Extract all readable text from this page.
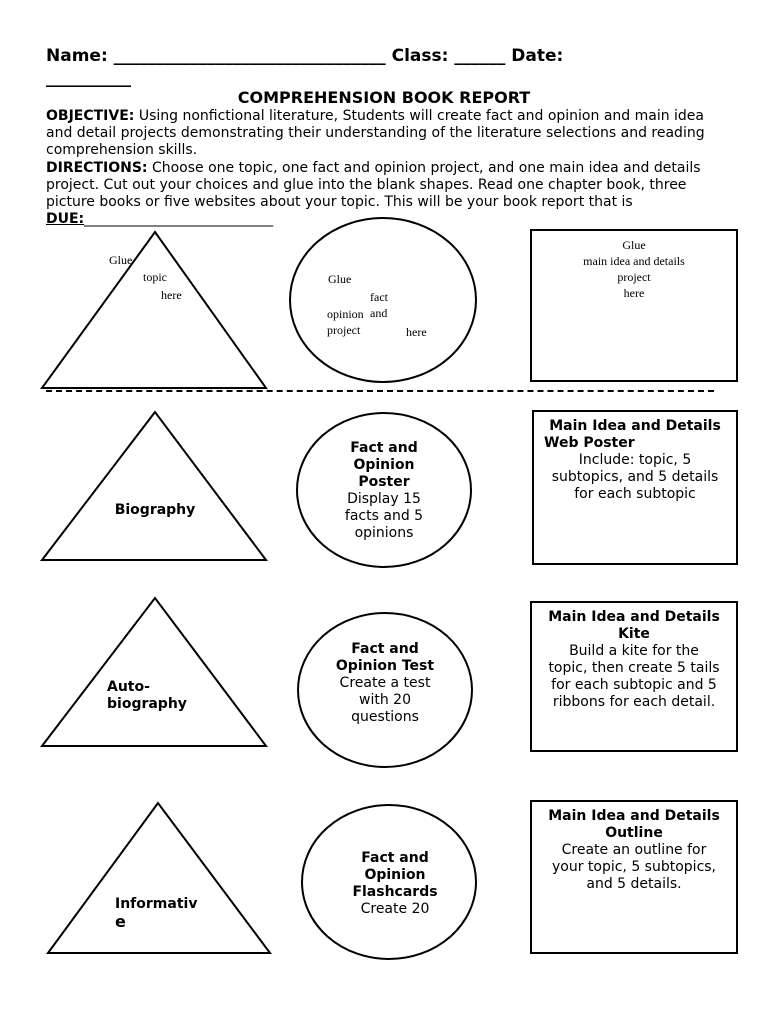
Name: ________________________________ Class: ______ Date:
__________
COMPREHENSION BOOK REPORT
OBJECTIVE: Using nonfictional literature, Students will create fact and opinion and main idea and detail projects demonstrating their understanding of the literature selections and reading comprehension skills.
DIRECTIONS: Choose one topic, one fact and opinion project, and one main idea and details project. Cut out your choices and glue into the blank shapes. Read one chapter book, three picture books or five websites about your topic. This will be your book report that is DUE:___________________________
Glue
topic
here
Glue
fact and
opinion project	here
Glue
main idea and details
project
here
Biography
Fact and
Opinion
Poster
Display 15
facts and 5
opinions
Main Idea and Details
Web Poster
Include: topic, 5
subtopics, and 5 details
for each subtopic
Auto-
biography
Fact and
Opinion Test
Create a test
with 20
questions
Main Idea and Details
Kite
Build a kite for the
topic, then create 5 tails
for each subtopic and 5
ribbons for each detail.
Informativ
e
Fact and
Opinion
Flashcards
Create 20
Main Idea and Details
Outline
Create an outline for
your topic, 5 subtopics,
and 5 details.
